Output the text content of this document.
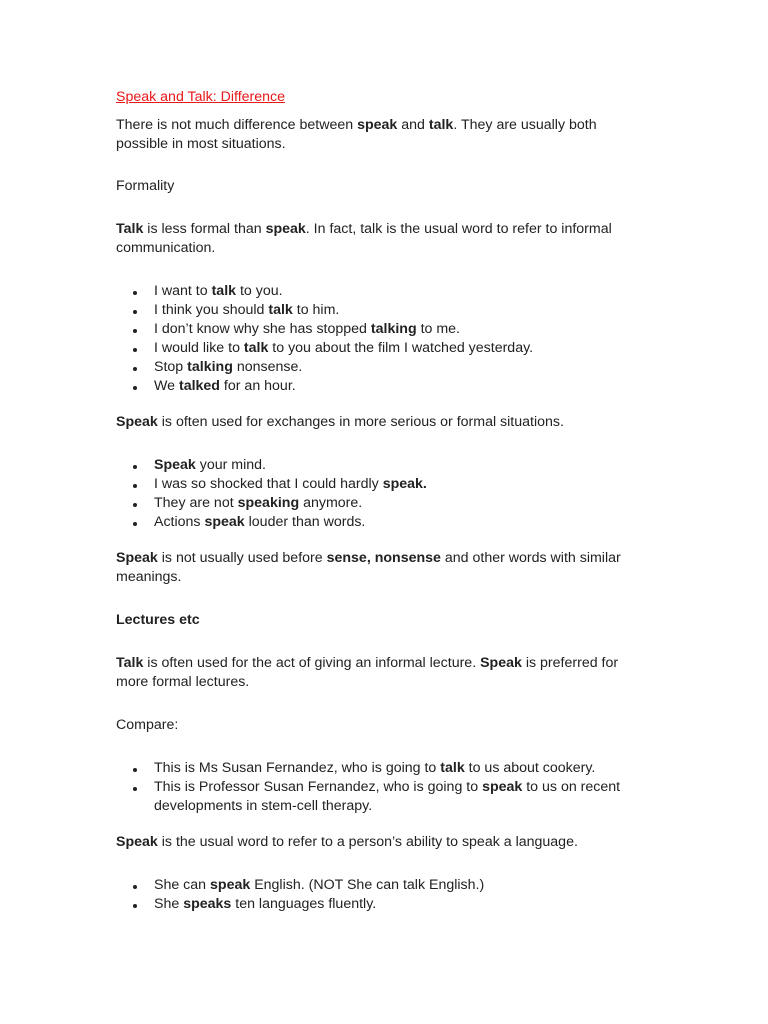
Speak and Talk: Difference

There is not much difference between speak and talk. They are usually both possible in most situations.

Formality

Talk is less formal than speak. In fact, talk is the usual word to refer to informal communication.

I want to talk to you.
I think you should talk to him.
I don’t know why she has stopped talking to me.
I would like to talk to you about the film I watched yesterday.
Stop talking nonsense.
We talked for an hour.

Speak is often used for exchanges in more serious or formal situations.

Speak your mind.
I was so shocked that I could hardly speak.
They are not speaking anymore.
Actions speak louder than words.

Speak is not usually used before sense, nonsense and other words with similar meanings.

Lectures etc

Talk is often used for the act of giving an informal lecture. Speak is preferred for more formal lectures.

Compare:

This is Ms Susan Fernandez, who is going to talk to us about cookery.
This is Professor Susan Fernandez, who is going to speak to us on recent developments in stem-cell therapy.

Speak is the usual word to refer to a person’s ability to speak a language.

She can speak English. (NOT She can talk English.)
She speaks ten languages fluently.
